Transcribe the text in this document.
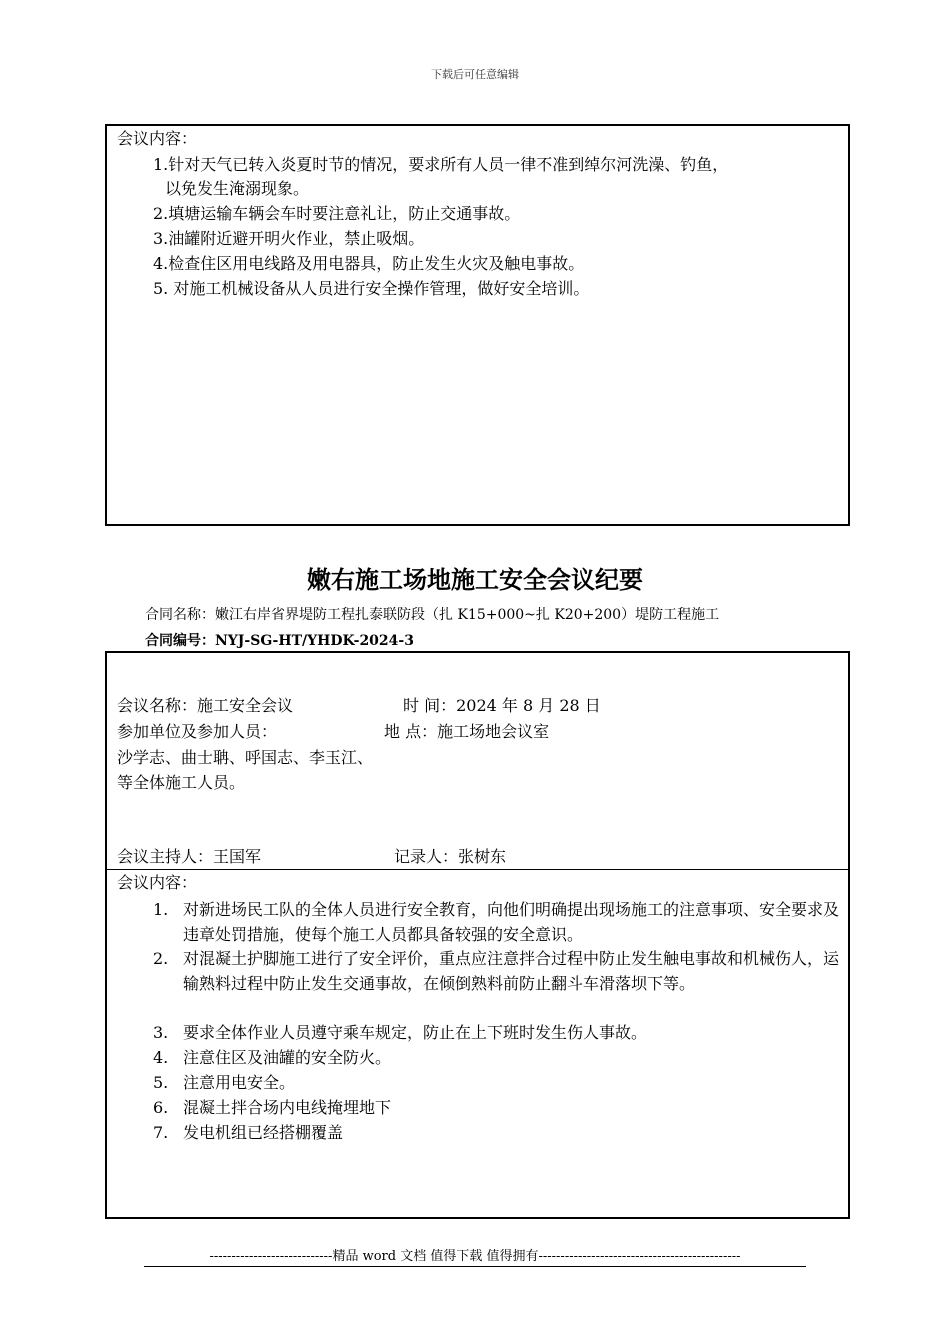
下载后可任意编辑
会议内容：
1.针对天气已转入炎夏时节的情况，要求所有人员一律不准到绰尔河洗澡、钓鱼，
以免发生淹溺现象。
2.填塘运输车辆会车时要注意礼让，防止交通事故。
3.油罐附近避开明火作业，禁止吸烟。
4.检查住区用电线路及用电器具，防止发生火灾及触电事故。
5. 对施工机械设备从人员进行安全操作管理，做好安全培训。
嫩右施工场地施工安全会议纪要
合同名称：嫩江右岸省界堤防工程扎泰联防段（扎 K15+000~扎 K20+200）堤防工程施工
合同编号：NYJ-SG-HT/YHDK-2024-3
会议名称：施工安全会议	时 间：2024 年 8 月 28 日
参加单位及参加人员：	地 点：施工场地会议室
沙学志、曲士聃、呼国志、李玉江、
等全体施工人员。
会议主持人：王国军	记录人：张树东
会议内容：
1. 对新进场民工队的全体人员进行安全教育，向他们明确提出现场施工的注意事项、安全要求及违章处罚措施，使每个施工人员都具备较强的安全意识。
2. 对混凝土护脚施工进行了安全评价，重点应注意拌合过程中防止发生触电事故和机械伤人，运输熟料过程中防止发生交通事故，在倾倒熟料前防止翻斗车滑落坝下等。
3. 要求全体作业人员遵守乘车规定，防止在上下班时发生伤人事故。
4. 注意住区及油罐的安全防火。
5. 注意用电安全。
6. 混凝土拌合场内电线掩埋地下
7. 发电机组已经搭棚覆盖
----------------------------精品 word 文档 值得下载 值得拥有----------------------------------------------
